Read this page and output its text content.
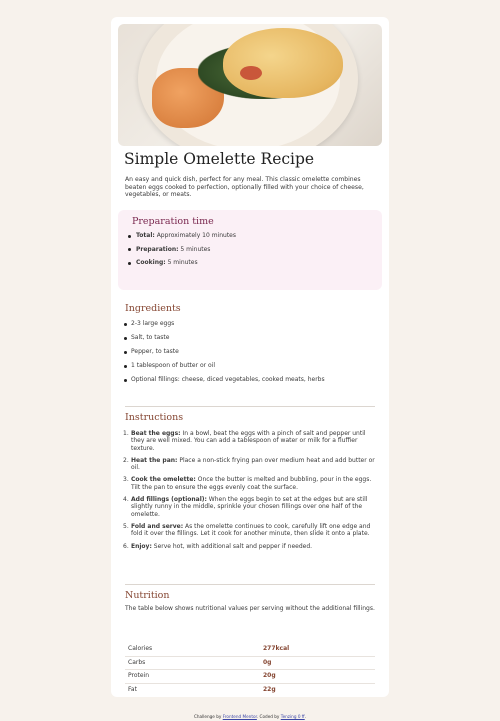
Simple Omelette Recipe

An easy and quick dish, perfect for any meal. This classic omelette combines beaten eggs cooked to perfection, optionally filled with your choice of cheese, vegetables, or meats.

Preparation time
Total: Approximately 10 minutes
Preparation: 5 minutes
Cooking: 5 minutes
Ingredients
2-3 large eggs
Salt, to taste
Pepper, to taste
1 tablespoon of butter or oil
Optional fillings: cheese, diced vegetables, cooked meats, herbs
Instructions
1. Beat the eggs: In a bowl, beat the eggs with a pinch of salt and pepper until they are well mixed. You can add a tablespoon of water or milk for a fluffier texture.
2. Heat the pan: Place a non-stick frying pan over medium heat and add butter or oil.
3. Cook the omelette: Once the butter is melted and bubbling, pour in the eggs. Tilt the pan to ensure the eggs evenly coat the surface.
4. Add fillings (optional): When the eggs begin to set at the edges but are still slightly runny in the middle, sprinkle your chosen fillings over one half of the omelette.
5. Fold and serve: As the omelette continues to cook, carefully lift one edge and fold it over the fillings. Let it cook for another minute, then slide it onto a plate.
6. Enjoy: Serve hot, with additional salt and pepper if needed.
Nutrition

The table below shows nutritional values per serving without the additional fillings.

Calories	277kcal
Carbs	0g
Protein	20g
Fat	22g
Challenge by Frontend Mentor. Coded by Tenzing 0 ff.
